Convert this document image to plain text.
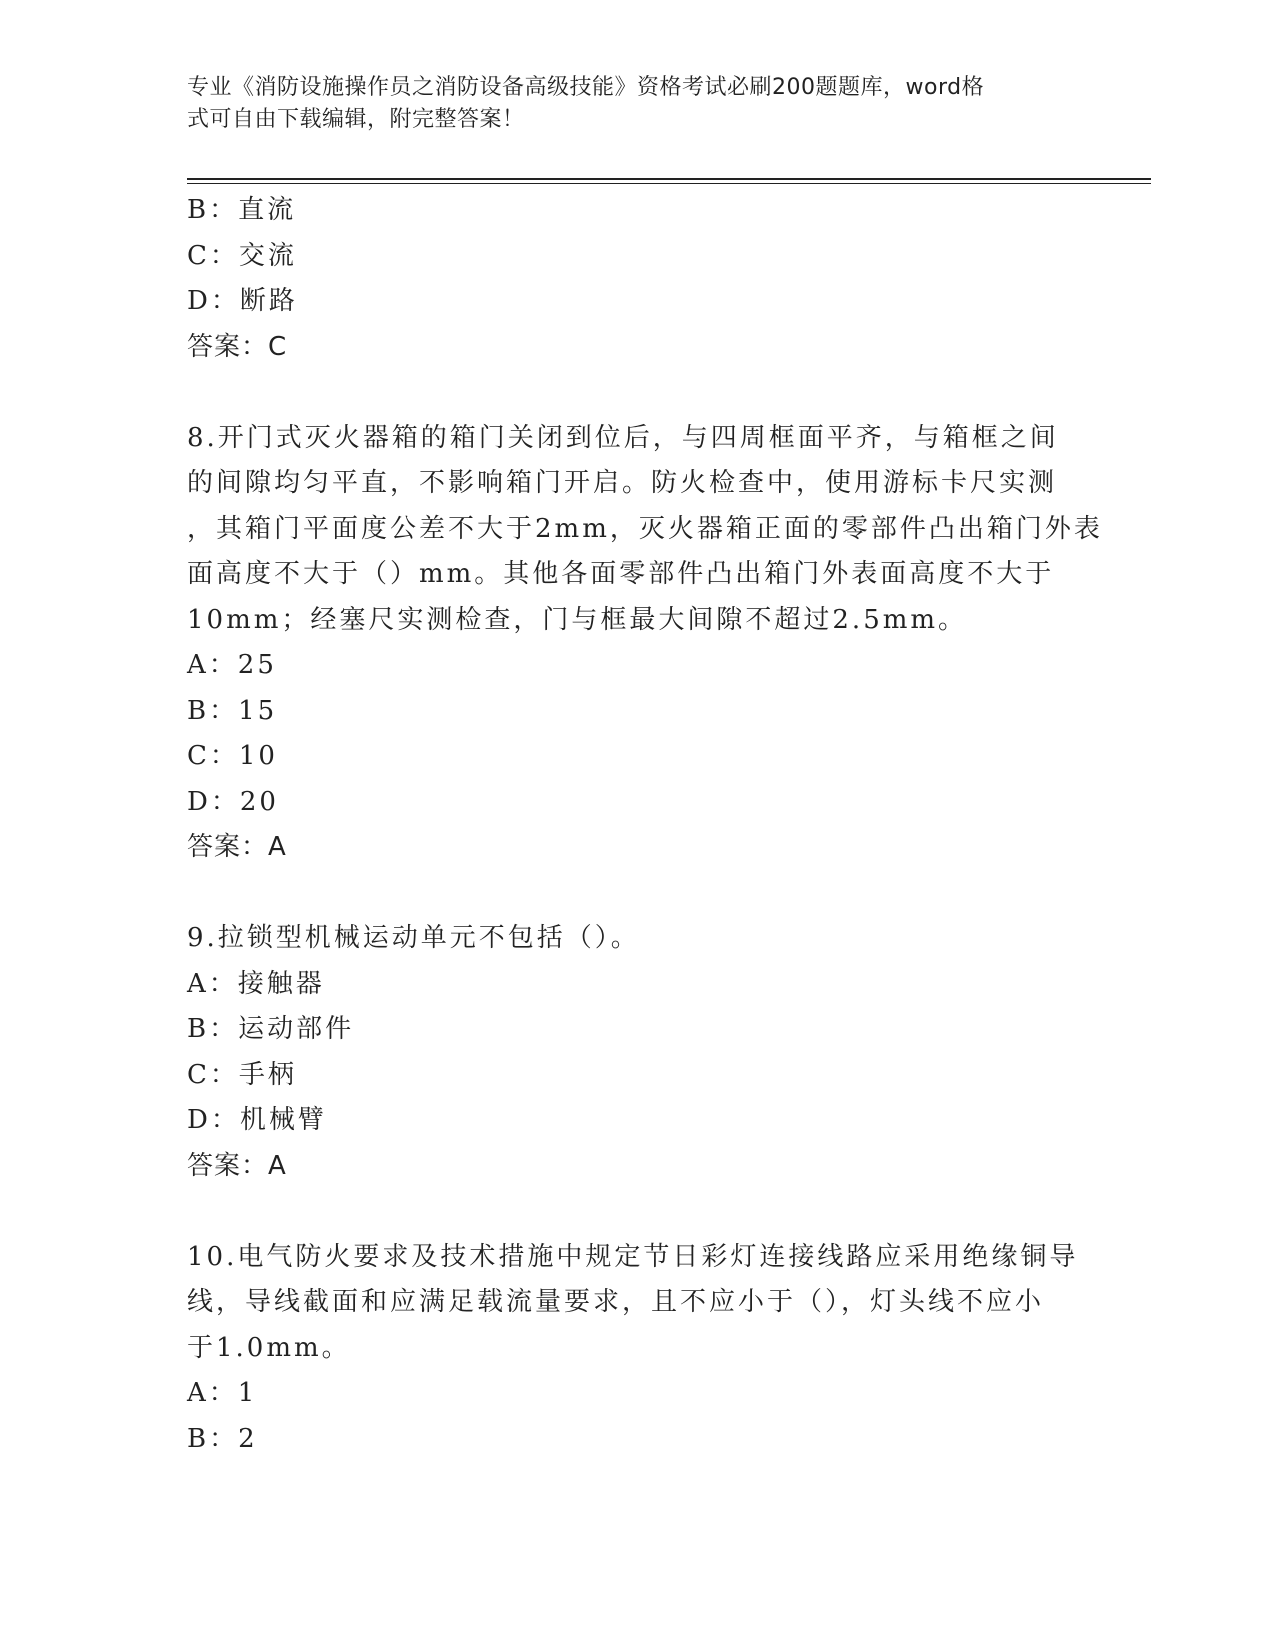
专业《消防设施操作员之消防设备高级技能》资格考试必刷200题题库，word格
式可自由下载编辑，附完整答案！
B：直流
C：交流
D：断路
答案：C
8.开门式灭火器箱的箱门关闭到位后，与四周框面平齐，与箱框之间
的间隙均匀平直，不影响箱门开启。防火检查中，使用游标卡尺实测
，其箱门平面度公差不大于2mm，灭火器箱正面的零部件凸出箱门外表
面高度不大于（）mm。其他各面零部件凸出箱门外表面高度不大于
10mm；经塞尺实测检查，门与框最大间隙不超过2.5mm。
A：25
B：15
C：10
D：20
答案：A
9.拉锁型机械运动单元不包括（）。
A：接触器
B：运动部件
C：手柄
D：机械臂
答案：A
10.电气防火要求及技术措施中规定节日彩灯连接线路应采用绝缘铜导
线，导线截面和应满足载流量要求，且不应小于（），灯头线不应小
于1.0mm。
A：1
B：2
